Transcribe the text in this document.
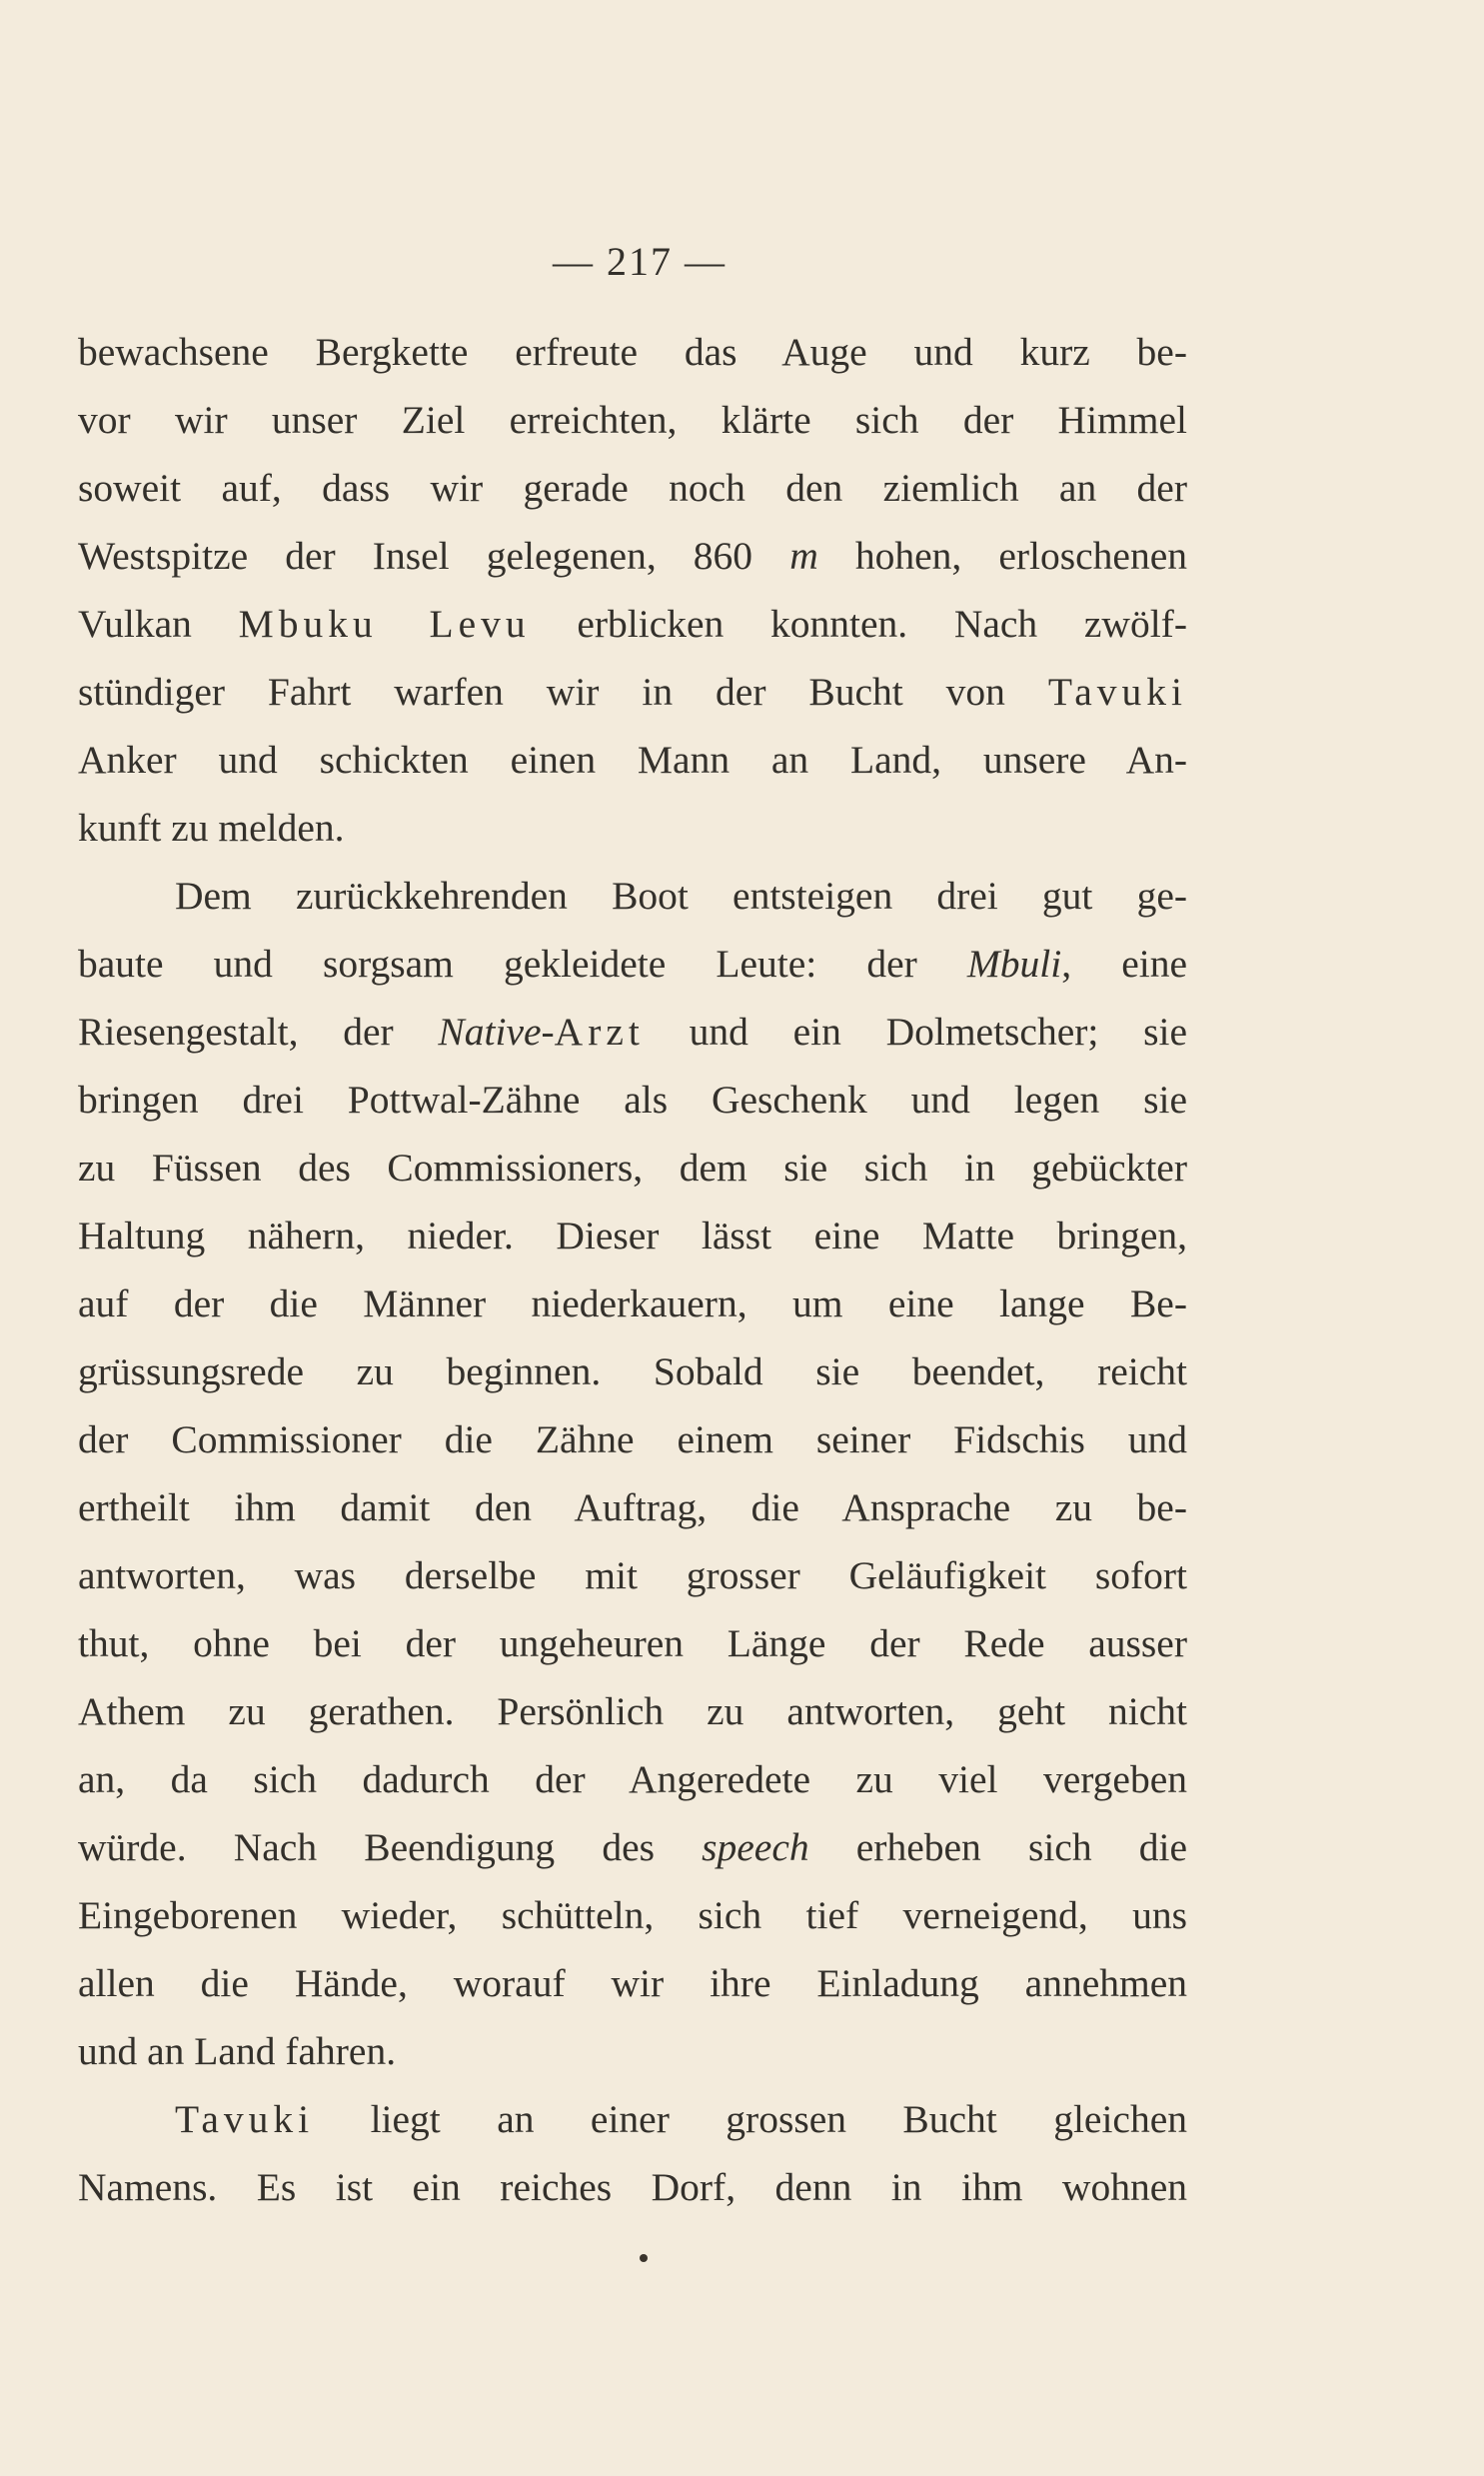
— 217 —
bewachsene Bergkette erfreute das Auge und kurz be-
vor wir unser Ziel erreichten, klärte sich der Himmel
soweit auf, dass wir gerade noch den ziemlich an der
Westspitze der Insel gelegenen, 860 m hohen, erloschenen
Vulkan Mbuku Levu erblicken konnten. Nach zwölf-
stündiger Fahrt warfen wir in der Bucht von Tavuki
Anker und schickten einen Mann an Land, unsere An-
kunft zu melden.
Dem zurückkehrenden Boot entsteigen drei gut ge-
baute und sorgsam gekleidete Leute: der Mbuli, eine
Riesengestalt, der Native-Arzt und ein Dolmetscher; sie
bringen drei Pottwal-Zähne als Geschenk und legen sie
zu Füssen des Commissioners, dem sie sich in gebückter
Haltung nähern, nieder. Dieser lässt eine Matte bringen,
auf der die Männer niederkauern, um eine lange Be-
grüssungsrede zu beginnen. Sobald sie beendet, reicht
der Commissioner die Zähne einem seiner Fidschis und
ertheilt ihm damit den Auftrag, die Ansprache zu be-
antworten, was derselbe mit grosser Geläufigkeit sofort
thut, ohne bei der ungeheuren Länge der Rede ausser
Athem zu gerathen. Persönlich zu antworten, geht nicht
an, da sich dadurch der Angeredete zu viel vergeben
würde. Nach Beendigung des speech erheben sich die
Eingeborenen wieder, schütteln, sich tief verneigend, uns
allen die Hände, worauf wir ihre Einladung annehmen
und an Land fahren.
Tavuki liegt an einer grossen Bucht gleichen
Namens. Es ist ein reiches Dorf, denn in ihm wohnen
